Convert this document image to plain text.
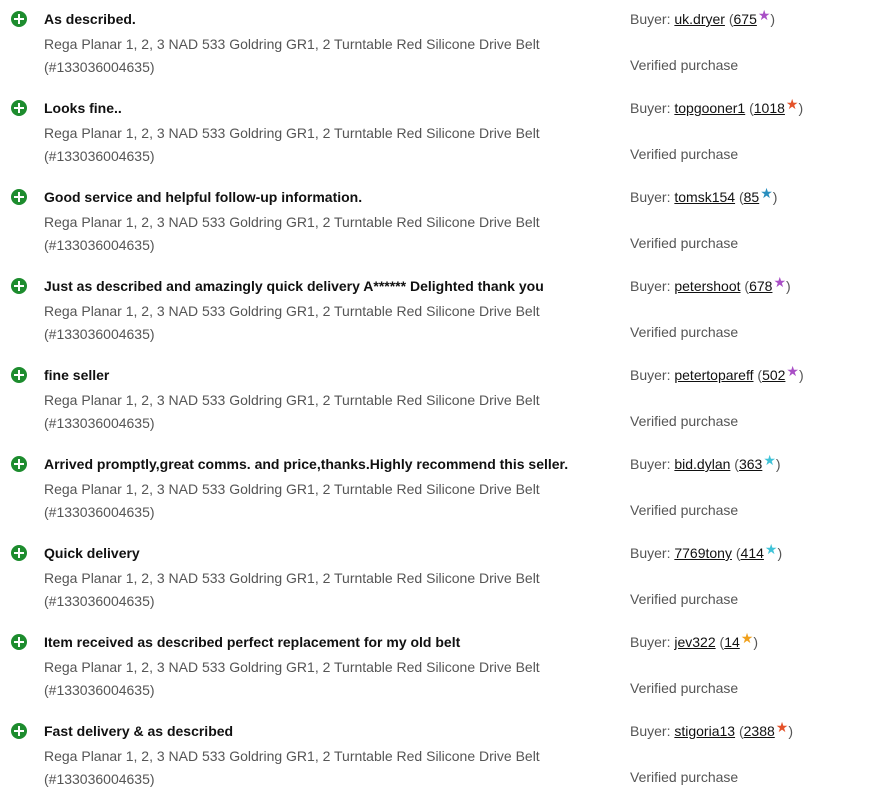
As described.
Rega Planar 1, 2, 3 NAD 533 Goldring GR1, 2 Turntable Red Silicone Drive Belt
(#133036004635)
Buyer: uk.dryer (675★)
Verified purchase
Looks fine..
Rega Planar 1, 2, 3 NAD 533 Goldring GR1, 2 Turntable Red Silicone Drive Belt
(#133036004635)
Buyer: topgooner1 (1018★)
Verified purchase
Good service and helpful follow-up information.
Rega Planar 1, 2, 3 NAD 533 Goldring GR1, 2 Turntable Red Silicone Drive Belt
(#133036004635)
Buyer: tomsk154 (85★)
Verified purchase
Just as described and amazingly quick delivery A****** Delighted thank you
Rega Planar 1, 2, 3 NAD 533 Goldring GR1, 2 Turntable Red Silicone Drive Belt
(#133036004635)
Buyer: petershoot (678★)
Verified purchase
fine seller
Rega Planar 1, 2, 3 NAD 533 Goldring GR1, 2 Turntable Red Silicone Drive Belt
(#133036004635)
Buyer: petertopareff (502★)
Verified purchase
Arrived promptly,great comms. and price,thanks.Highly recommend this seller.
Rega Planar 1, 2, 3 NAD 533 Goldring GR1, 2 Turntable Red Silicone Drive Belt
(#133036004635)
Buyer: bid.dylan (363★)
Verified purchase
Quick delivery
Rega Planar 1, 2, 3 NAD 533 Goldring GR1, 2 Turntable Red Silicone Drive Belt
(#133036004635)
Buyer: 7769tony (414★)
Verified purchase
Item received as described perfect replacement for my old belt
Rega Planar 1, 2, 3 NAD 533 Goldring GR1, 2 Turntable Red Silicone Drive Belt
(#133036004635)
Buyer: jev322 (14★)
Verified purchase
Fast delivery & as described
Rega Planar 1, 2, 3 NAD 533 Goldring GR1, 2 Turntable Red Silicone Drive Belt
(#133036004635)
Buyer: stigoria13 (2388★)
Verified purchase
